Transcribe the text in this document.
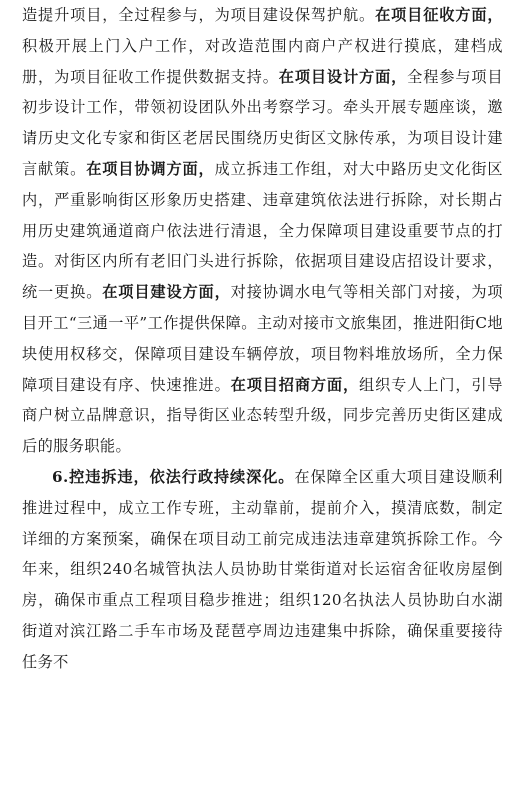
造提升项目，全过程参与，为项目建设保驾护航。在项目征收方面，积极开展上门入户工作，对改造范围内商户产权进行摸底，建档成册，为项目征收工作提供数据支持。在项目设计方面，全程参与项目初步设计工作，带领初设团队外出考察学习。牵头开展专题座谈，邀请历史文化专家和街区老居民围绕历史街区文脉传承，为项目设计建言献策。在项目协调方面，成立拆违工作组，对大中路历史文化街区内，严重影响街区形象历史搭建、违章建筑依法进行拆除，对长期占用历史建筑通道商户依法进行清退，全力保障项目建设重要节点的打造。对街区内所有老旧门头进行拆除，依据项目建设店招设计要求，统一更换。在项目建设方面，对接协调水电气等相关部门对接，为项目开工“三通一平”工作提供保障。主动对接市文旅集团，推进阳街C地块使用权移交，保障项目建设车辆停放，项目物料堆放场所，全力保障项目建设有序、快速推进。在项目招商方面，组织专人上门，引导商户树立品牌意识，指导街区业态转型升级，同步完善历史街区建成后的服务职能。

6.控违拆违，依法行政持续深化。在保障全区重大项目建设顺利推进过程中，成立工作专班，主动靠前，提前介入，摸清底数，制定详细的方案预案，确保在项目动工前完成违法违章建筑拆除工作。今年来，组织240名城管执法人员协助甘棠街道对长运宿舍征收房屋倒房，确保市重点工程项目稳步推进；组织120名执法人员协助白水湖街道对滨江路二手车市场及琵琶亭周边违建集中拆除，确保重要接待任务不
